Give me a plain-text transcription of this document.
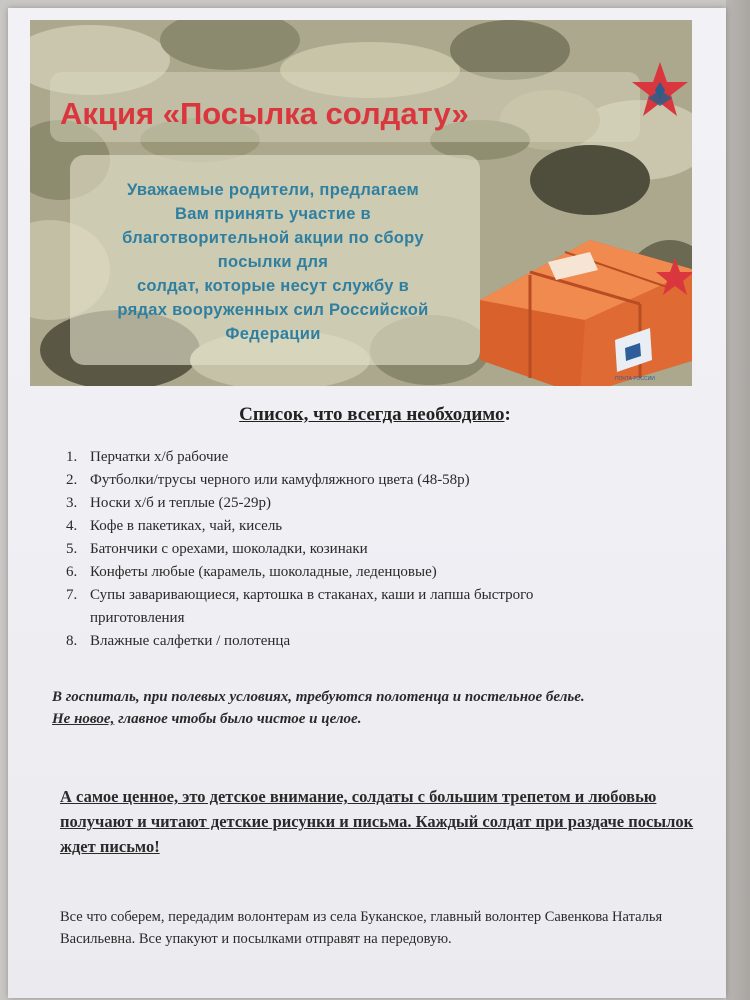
Акция «Посылка солдату»
Уважаемые родители, предлагаем
Вам принять участие в
благотворительной акции по сбору
посылки для
солдат, которые несут службу в
рядах вооруженных сил Российской
Федерации
ПОЧТА РОССИИ
Список, что всегда необходимо:
1. Перчатки х/б рабочие
2. Футболки/трусы черного или камуфляжного цвета (48-58р)
3. Носки х/б и теплые (25-29р)
4. Кофе в пакетиках, чай, кисель
5. Батончики с орехами, шоколадки, козинаки
6. Конфеты любые (карамель, шоколадные, леденцовые)
7. Супы заваривающиеся, картошка в стаканах, каши и лапша быстрого приготовления
8. Влажные салфетки / полотенца
В госпиталь, при полевых условиях, требуются полотенца и постельное белье.
Не новое, главное чтобы было чистое и целое.
А самое ценное, это детское внимание, солдаты с большим трепетом и любовью получают и читают детские рисунки и письма. Каждый солдат при раздаче посылок ждет письмо!
Все что соберем, передадим волонтерам из села Буканское, главный волонтер Савенкова Наталья Васильевна. Все упакуют и посылками отправят на передовую.
